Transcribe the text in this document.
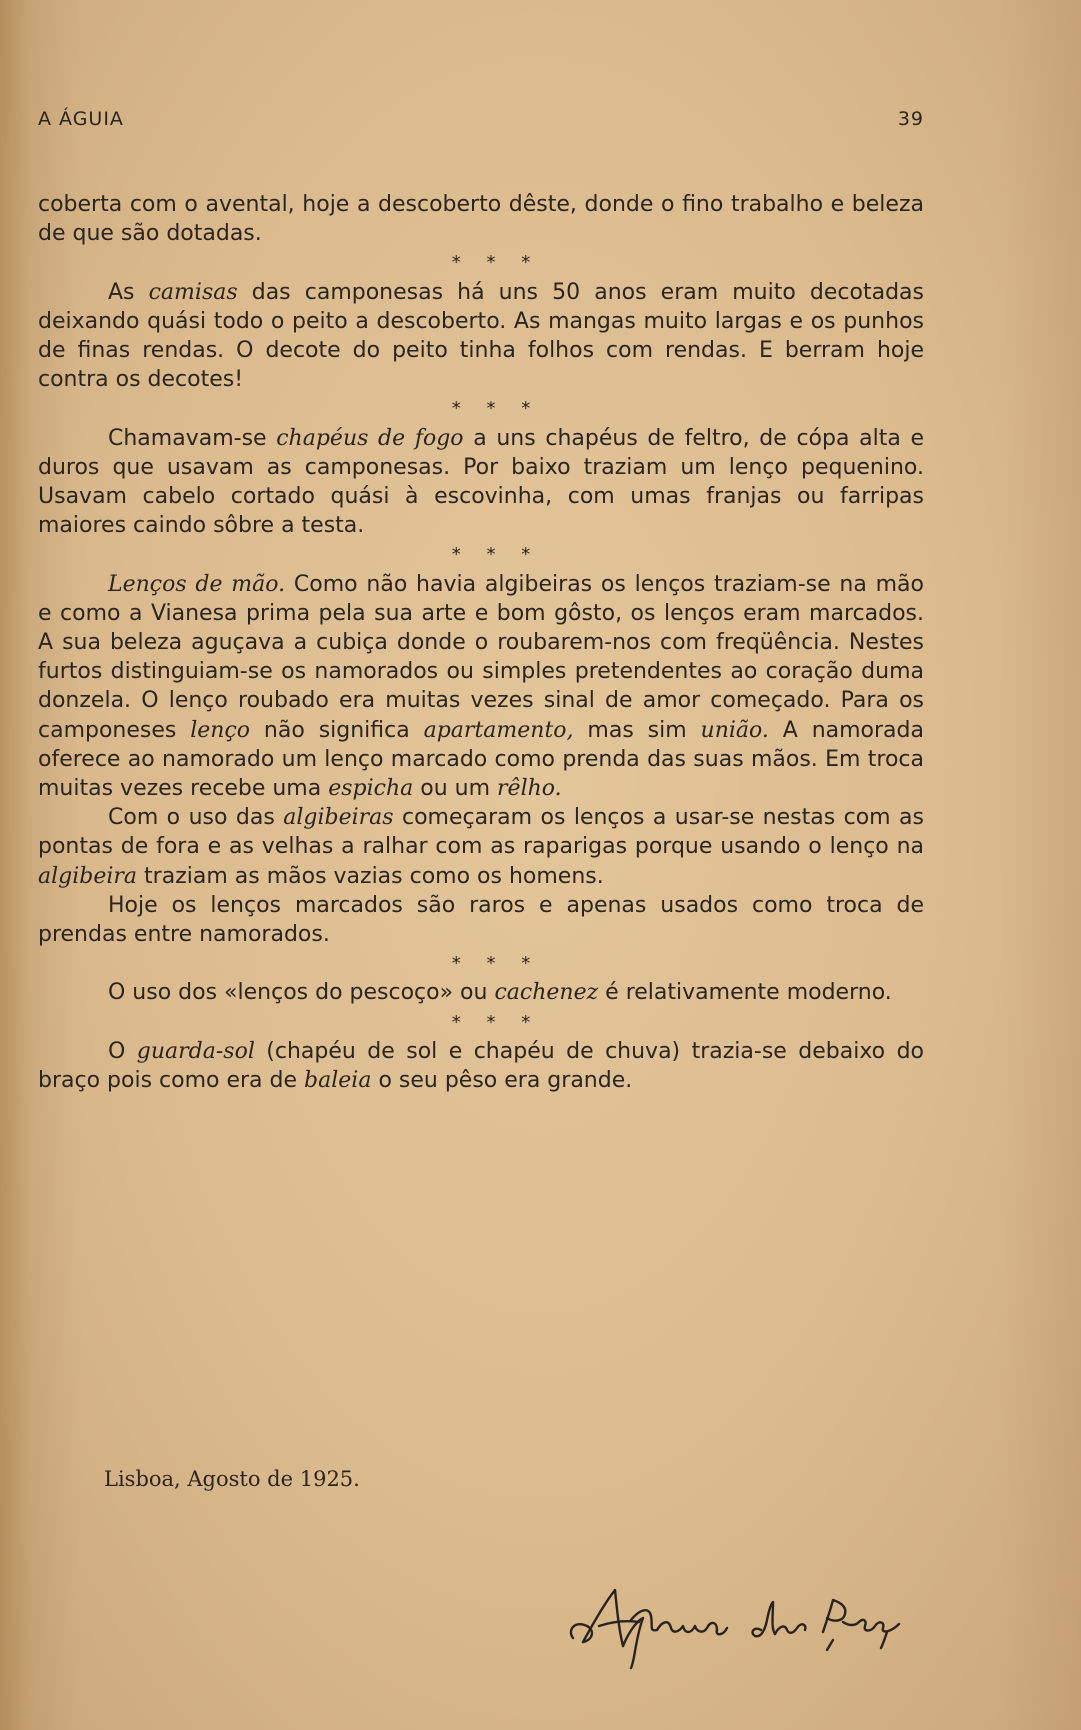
A ÁGUIA	39

coberta com o avental, hoje a descoberto dêste, donde o fino trabalho e beleza de que são dotadas.

* * *

As camisas das camponesas há uns 50 anos eram muito decotadas deixando quási todo o peito a descoberto. As mangas muito largas e os punhos de finas rendas. O decote do peito tinha folhos com rendas. E berram hoje contra os decotes!

* * *

Chamavam-se chapéus de fogo a uns chapéus de feltro, de cópa alta e duros que usavam as camponesas. Por baixo traziam um lenço pequenino. Usavam cabelo cortado quási à escovinha, com umas franjas ou farripas maiores caindo sôbre a testa.

* * *

Lenços de mão. Como não havia algibeiras os lenços traziam-se na mão e como a Vianesa prima pela sua arte e bom gôsto, os lenços eram marcados. A sua beleza aguçava a cubiça donde o roubarem-nos com freqüência. Nestes furtos distinguiam-se os namorados ou simples pretendentes ao coração duma donzela. O lenço roubado era muitas vezes sinal de amor começado. Para os camponeses lenço não significa apartamento, mas sim união. A namorada oferece ao namorado um lenço marcado como prenda das suas mãos. Em troca muitas vezes recebe uma espicha ou um rêlho.

Com o uso das algibeiras começaram os lenços a usar-se nestas com as pontas de fora e as velhas a ralhar com as raparigas porque usando o lenço na algibeira traziam as mãos vazias como os homens.

Hoje os lenços marcados são raros e apenas usados como troca de prendas entre namorados.

* * *

O uso dos «lenços do pescoço» ou cachenez é relativamente moderno.

* * *

O guarda-sol (chapéu de sol e chapéu de chuva) trazia-se debaixo do braço pois como era de baleia o seu pêso era grande.

Lisboa, Agosto de 1925.
